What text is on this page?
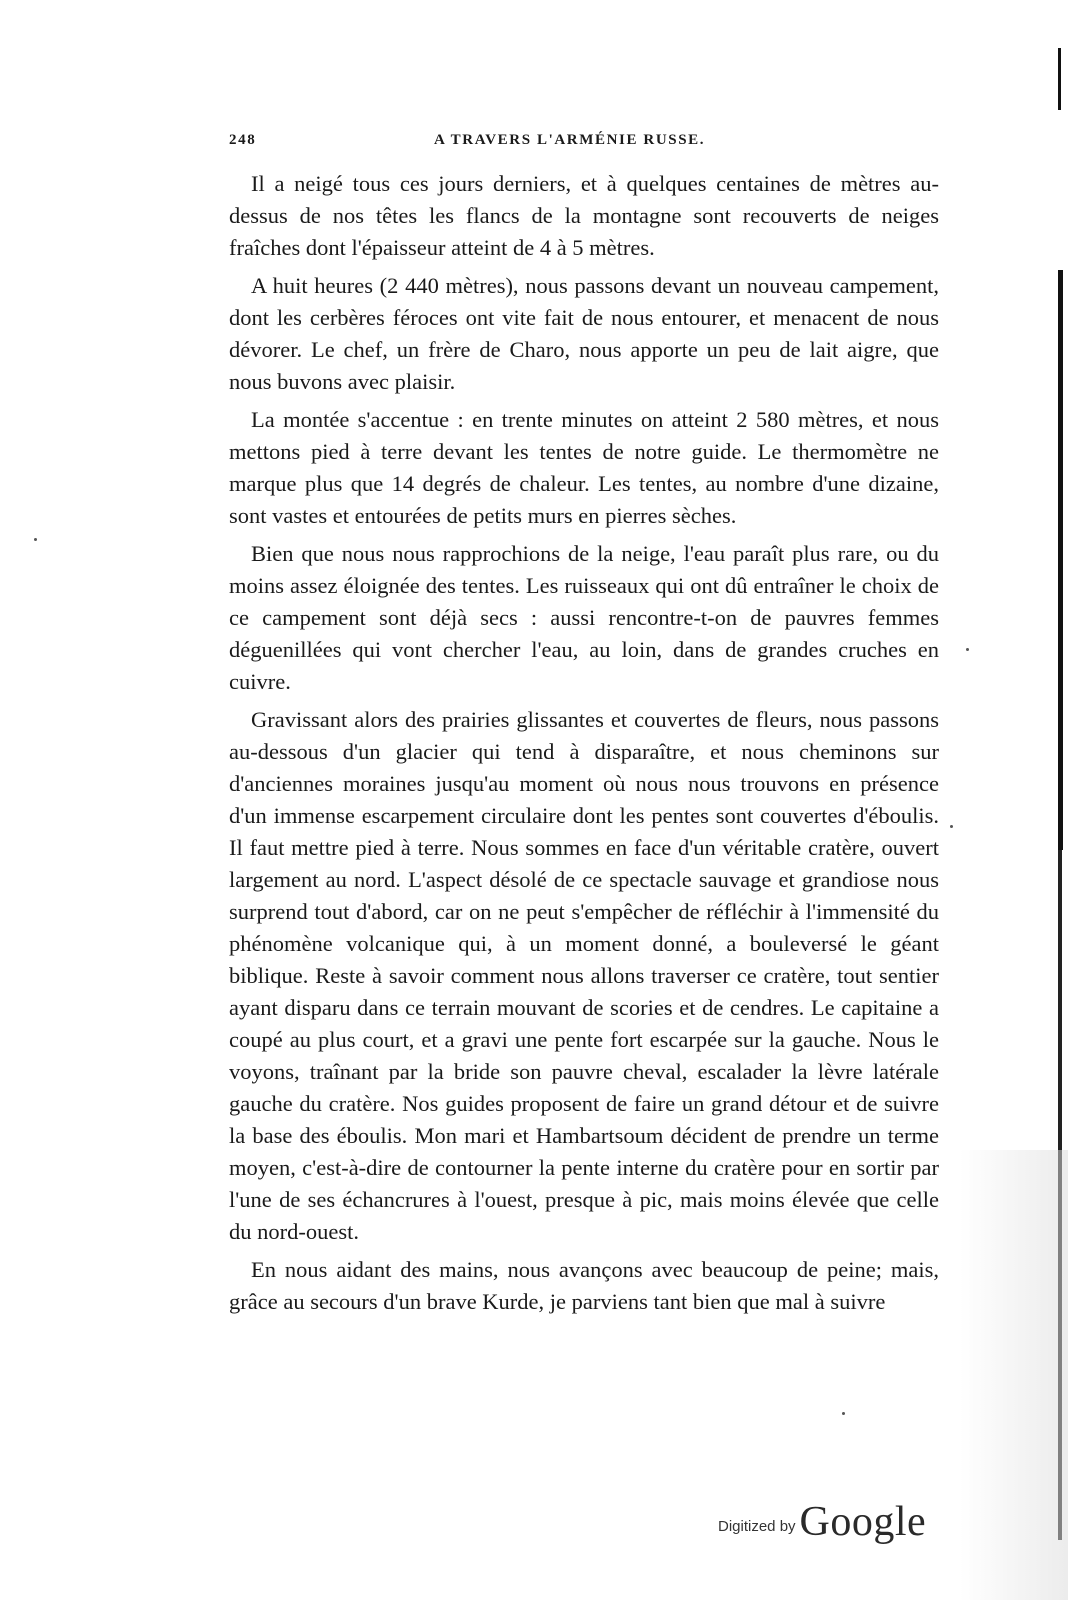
248	A TRAVERS L'ARMÉNIE RUSSE.

Il a neigé tous ces jours derniers, et à quelques centaines de mètres au-dessus de nos têtes les flancs de la montagne sont recouverts de neiges fraîches dont l'épaisseur atteint de 4 à 5 mètres.

A huit heures (2 440 mètres), nous passons devant un nouveau campement, dont les cerbères féroces ont vite fait de nous entourer, et menacent de nous dévorer. Le chef, un frère de Charo, nous apporte un peu de lait aigre, que nous buvons avec plaisir.

La montée s'accentue : en trente minutes on atteint 2 580 mètres, et nous mettons pied à terre devant les tentes de notre guide. Le thermomètre ne marque plus que 14 degrés de chaleur. Les tentes, au nombre d'une dizaine, sont vastes et entourées de petits murs en pierres sèches.

Bien que nous nous rapprochions de la neige, l'eau paraît plus rare, ou du moins assez éloignée des tentes. Les ruisseaux qui ont dû entraîner le choix de ce campement sont déjà secs : aussi rencontre-t-on de pauvres femmes déguenillées qui vont chercher l'eau, au loin, dans de grandes cruches en cuivre.

Gravissant alors des prairies glissantes et couvertes de fleurs, nous passons au-dessous d'un glacier qui tend à disparaître, et nous cheminons sur d'anciennes moraines jusqu'au moment où nous nous trouvons en présence d'un immense escarpement circulaire dont les pentes sont couvertes d'éboulis. Il faut mettre pied à terre. Nous sommes en face d'un véritable cratère, ouvert largement au nord. L'aspect désolé de ce spectacle sauvage et grandiose nous surprend tout d'abord, car on ne peut s'empêcher de réfléchir à l'immensité du phénomène volcanique qui, à un moment donné, a bouleversé le géant biblique. Reste à savoir comment nous allons traverser ce cratère, tout sentier ayant disparu dans ce terrain mouvant de scories et de cendres. Le capitaine a coupé au plus court, et a gravi une pente fort escarpée sur la gauche. Nous le voyons, traînant par la bride son pauvre cheval, escalader la lèvre latérale gauche du cratère. Nos guides proposent de faire un grand détour et de suivre la base des éboulis. Mon mari et Hambartsoum décident de prendre un terme moyen, c'est-à-dire de contourner la pente interne du cratère pour en sortir par l'une de ses échancrures à l'ouest, presque à pic, mais moins élevée que celle du nord-ouest.

En nous aidant des mains, nous avançons avec beaucoup de peine; mais, grâce au secours d'un brave Kurde, je parviens tant bien que mal à suivre

Digitized by Google
